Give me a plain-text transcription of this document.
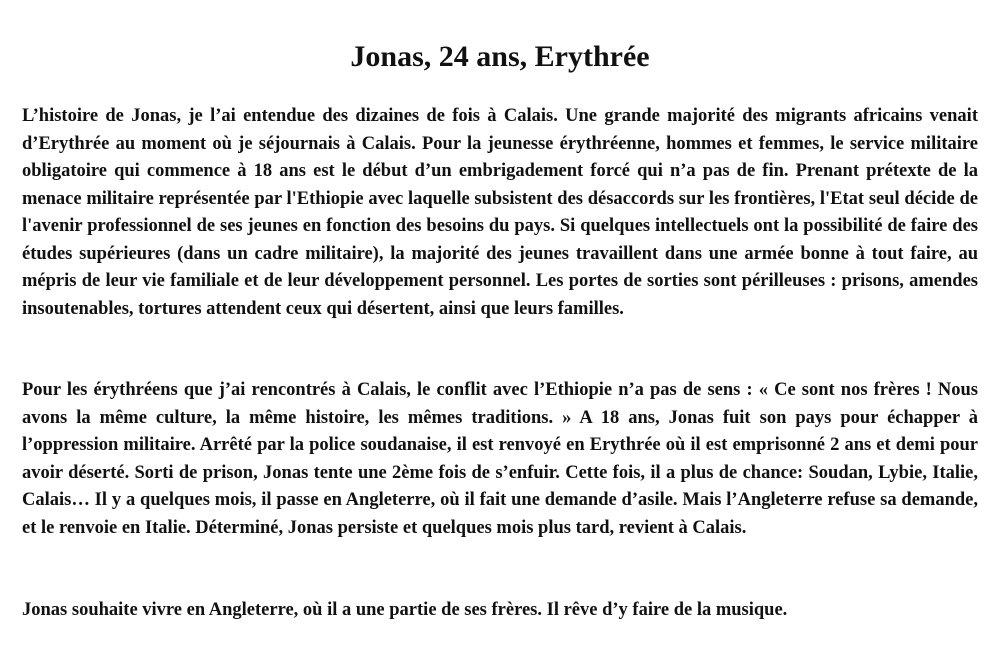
Jonas, 24 ans, Erythrée

L’histoire de Jonas, je l’ai entendue des dizaines de fois à Calais. Une grande majorité des migrants africains venait d’Erythrée au moment où je séjournais à Calais. Pour la jeunesse érythréenne, hommes et femmes, le service militaire obligatoire qui commence à 18 ans est le début d’un embrigadement forcé qui n’a pas de fin. Prenant prétexte de la menace militaire représentée par l'Ethiopie avec laquelle subsistent des désaccords sur les frontières, l'Etat seul décide de l'avenir professionnel de ses jeunes en fonction des besoins du pays. Si quelques intellectuels ont la possibilité de faire des études supérieures (dans un cadre militaire), la majorité des jeunes travaillent dans une armée bonne à tout faire, au mépris de leur vie familiale et de leur développement personnel. Les portes de sorties sont périlleuses : prisons, amendes insoutenables, tortures attendent ceux qui désertent, ainsi que leurs familles.

Pour les érythréens que j’ai rencontrés à Calais, le conflit avec l’Ethiopie n’a pas de sens : « Ce sont nos frères ! Nous avons la même culture, la même histoire, les mêmes traditions. » A 18 ans, Jonas fuit son pays pour échapper à l’oppression militaire. Arrêté par la police soudanaise, il est renvoyé en Erythrée où il est emprisonné 2 ans et demi pour avoir déserté. Sorti de prison, Jonas tente une 2ème fois de s’enfuir. Cette fois, il a plus de chance: Soudan, Lybie, Italie, Calais… Il y a quelques mois, il passe en Angleterre, où il fait une demande d’asile. Mais l’Angleterre refuse sa demande, et le renvoie en Italie. Déterminé, Jonas persiste et quelques mois plus tard, revient à Calais.

Jonas souhaite vivre en Angleterre, où il a une partie de ses frères. Il rêve d’y faire de la musique.
